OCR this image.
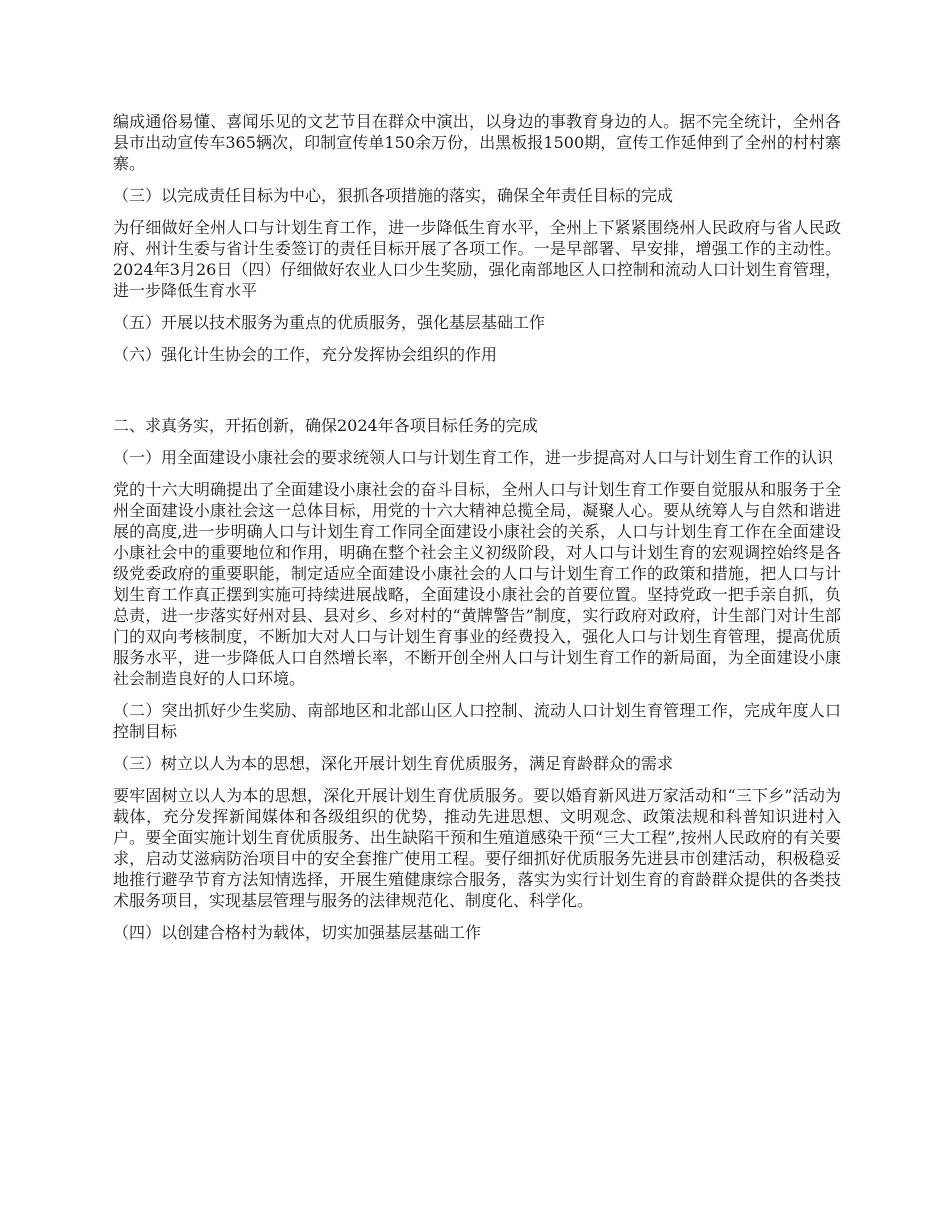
编成通俗易懂、喜闻乐见的文艺节目在群众中演出，以身边的事教育身边的人。据不完全统计，全州各县市出动宣传车365辆次，印制宣传单150余万份，出黑板报1500期，宣传工作延伸到了全州的村村寨寨。

（三）以完成责任目标为中心，狠抓各项措施的落实，确保全年责任目标的完成

为仔细做好全州人口与计划生育工作，进一步降低生育水平，全州上下紧紧围绕州人民政府与省人民政府、州计生委与省计生委签订的责任目标开展了各项工作。一是早部署、早安排，增强工作的主动性。2024年3月26日（四）仔细做好农业人口少生奖励，强化南部地区人口控制和流动人口计划生育管理，进一步降低生育水平

（五）开展以技术服务为重点的优质服务，强化基层基础工作

（六）强化计生协会的工作，充分发挥协会组织的作用

二、求真务实，开拓创新，确保2024年各项目标任务的完成

（一）用全面建设小康社会的要求统领人口与计划生育工作，进一步提高对人口与计划生育工作的认识

党的十六大明确提出了全面建设小康社会的奋斗目标，全州人口与计划生育工作要自觉服从和服务于全州全面建设小康社会这一总体目标，用党的十六大精神总揽全局，凝聚人心。要从统筹人与自然和谐进展的高度,进一步明确人口与计划生育工作同全面建设小康社会的关系，人口与计划生育工作在全面建设小康社会中的重要地位和作用，明确在整个社会主义初级阶段，对人口与计划生育的宏观调控始终是各级党委政府的重要职能，制定适应全面建设小康社会的人口与计划生育工作的政策和措施，把人口与计划生育工作真正摆到实施可持续进展战略，全面建设小康社会的首要位置。坚持党政一把手亲自抓，负总责，进一步落实好州对县、县对乡、乡对村的“黄牌警告”制度，实行政府对政府，计生部门对计生部门的双向考核制度，不断加大对人口与计划生育事业的经费投入，强化人口与计划生育管理，提高优质服务水平，进一步降低人口自然增长率，不断开创全州人口与计划生育工作的新局面，为全面建设小康社会制造良好的人口环境。

（二）突出抓好少生奖励、南部地区和北部山区人口控制、流动人口计划生育管理工作，完成年度人口控制目标

（三）树立以人为本的思想，深化开展计划生育优质服务，满足育龄群众的需求

要牢固树立以人为本的思想，深化开展计划生育优质服务。要以婚育新风进万家活动和“三下乡”活动为载体，充分发挥新闻媒体和各级组织的优势，推动先进思想、文明观念、政策法规和科普知识进村入户。要全面实施计划生育优质服务、出生缺陷干预和生殖道感染干预“三大工程”,按州人民政府的有关要求，启动艾滋病防治项目中的安全套推广使用工程。要仔细抓好优质服务先进县市创建活动，积极稳妥地推行避孕节育方法知情选择，开展生殖健康综合服务，落实为实行计划生育的育龄群众提供的各类技术服务项目，实现基层管理与服务的法律规范化、制度化、科学化。

（四）以创建合格村为载体，切实加强基层基础工作
